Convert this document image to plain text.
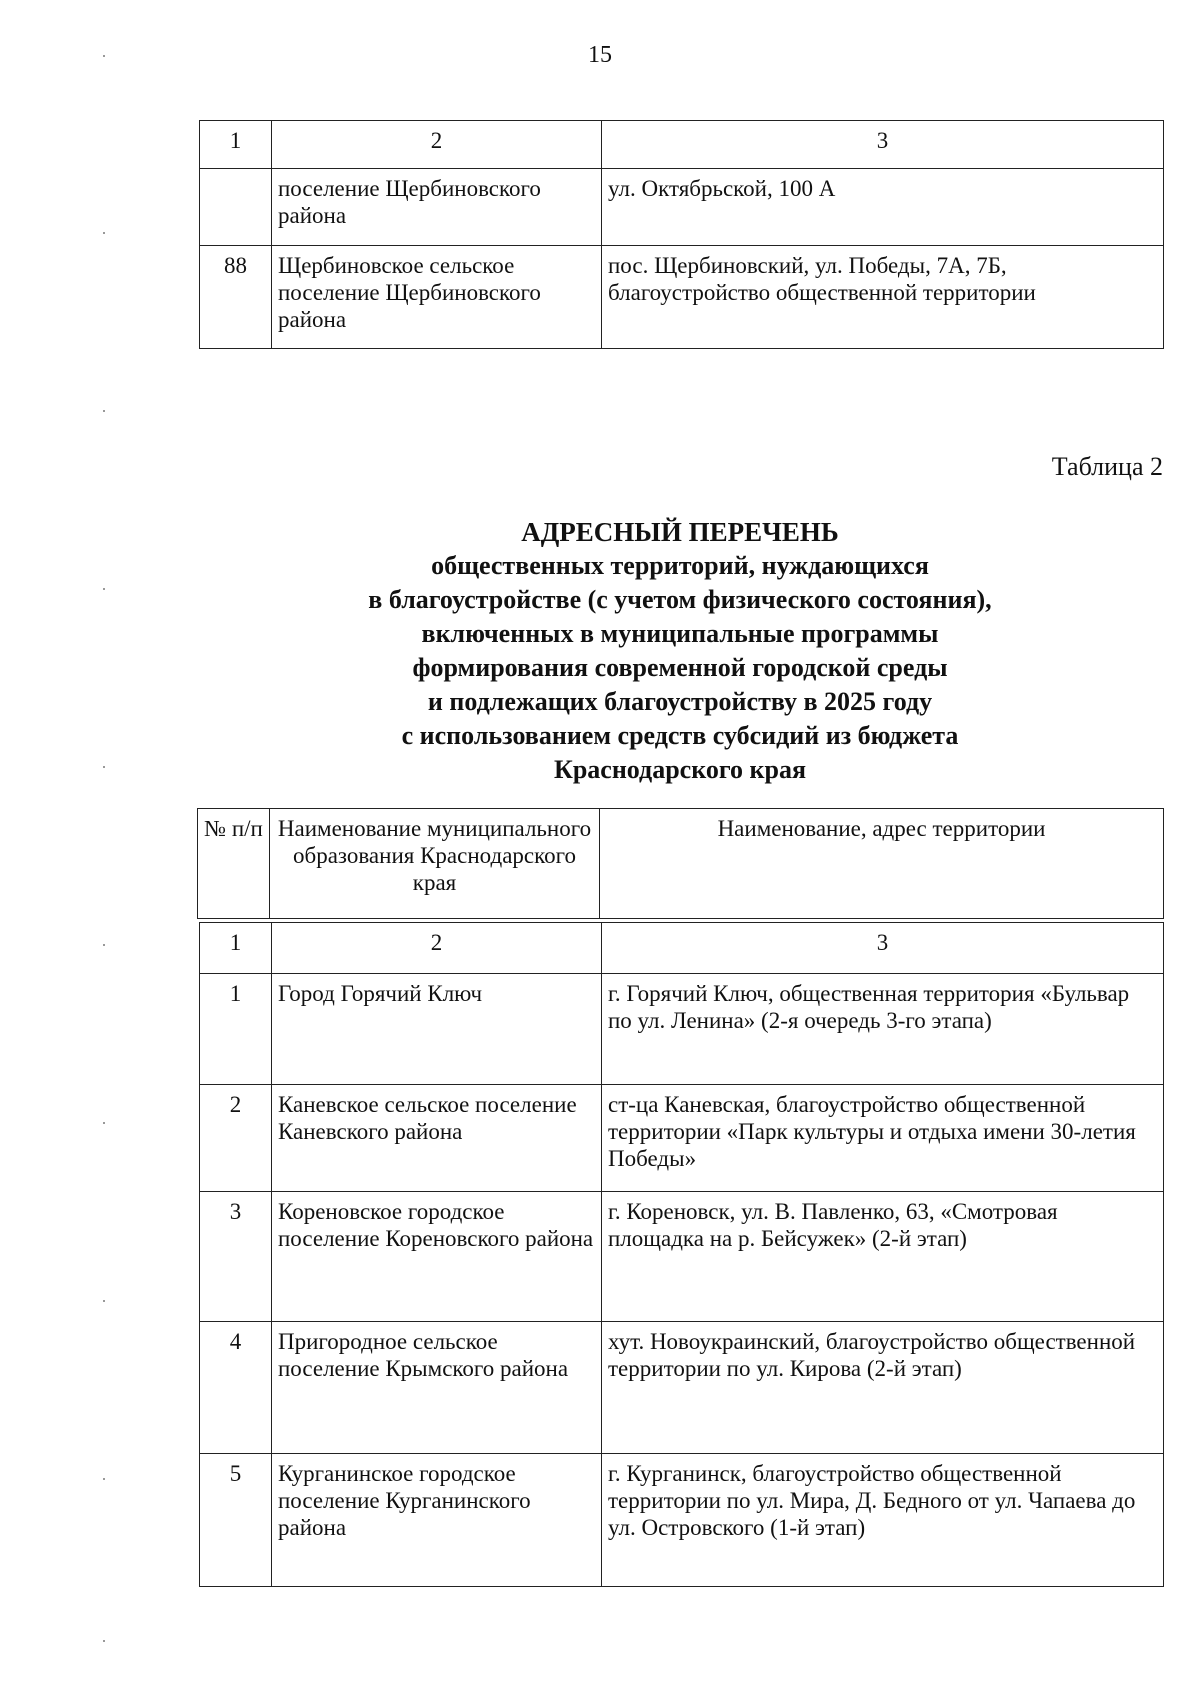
15
1	2	3
	поселение Щербиновского района	ул. Октябрьской, 100 А
88	Щербиновское сельское поселение Щербиновского района	пос. Щербиновский, ул. Победы, 7А, 7Б, благоустройство общественной территории
Таблица 2
АДРЕСНЫЙ ПЕРЕЧЕНЬ
общественных территорий, нуждающихся
в благоустройстве (с учетом физического состояния),
включенных в муниципальные программы
формирования современной городской среды
и подлежащих благоустройству в 2025 году
с использованием средств субсидий из бюджета
Краснодарского края
№ п/п	Наименование муниципального образования Краснодарского края	Наименование, адрес территории
1	2	3
1	Город Горячий Ключ	г. Горячий Ключ, общественная территория «Бульвар по ул. Ленина» (2-я очередь 3-го этапа)
2	Каневское сельское поселение Каневского района	ст-ца Каневская, благоустройство общественной территории «Парк культуры и отдыха имени 30-летия Победы»
3	Кореновское городское поселение Кореновского района	г. Кореновск, ул. В. Павленко, 63, «Смотровая площадка на р. Бейсужек» (2-й этап)
4	Пригородное сельское поселение Крымского района	хут. Новоукраинский, благоустройство общественной территории по ул. Кирова (2-й этап)
5	Курганинское городское поселение Курганинского района	г. Курганинск, благоустройство общественной территории по ул. Мира, Д. Бедного от ул. Чапаева до ул. Островского (1-й этап)
